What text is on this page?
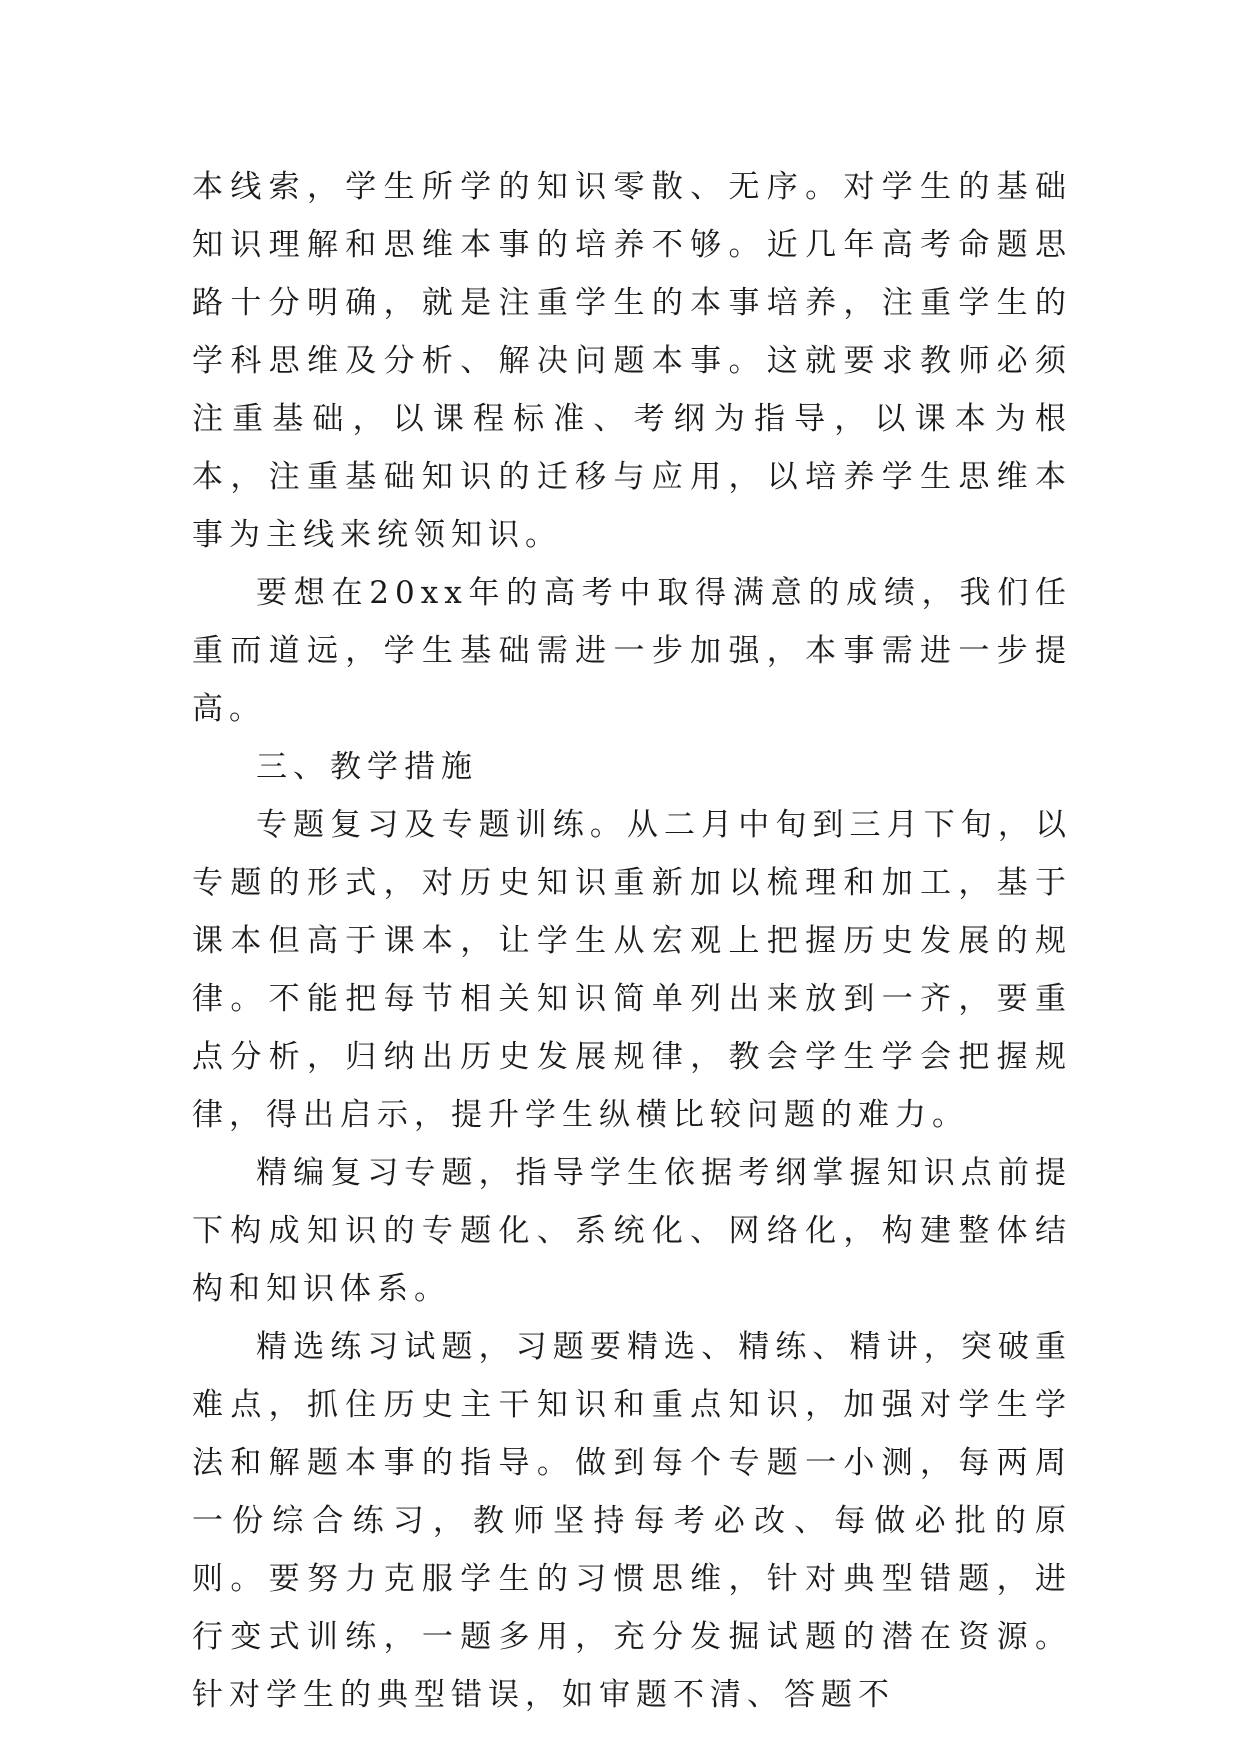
本线索，学生所学的知识零散、无序。对学生的基础知识理解和思维本事的培养不够。近几年高考命题思路十分明确，就是注重学生的本事培养，注重学生的学科思维及分析、解决问题本事。这就要求教师必须注重基础，以课程标准、考纲为指导，以课本为根本，注重基础知识的迁移与应用，以培养学生思维本事为主线来统领知识。

要想在20xx年的高考中取得满意的成绩，我们任重而道远，学生基础需进一步加强，本事需进一步提高。

三、教学措施

专题复习及专题训练。从二月中旬到三月下旬，以专题的形式，对历史知识重新加以梳理和加工，基于课本但高于课本，让学生从宏观上把握历史发展的规律。不能把每节相关知识简单列出来放到一齐，要重点分析，归纳出历史发展规律，教会学生学会把握规律，得出启示，提升学生纵横比较问题的难力。

精编复习专题，指导学生依据考纲掌握知识点前提下构成知识的专题化、系统化、网络化，构建整体结构和知识体系。

精选练习试题，习题要精选、精练、精讲，突破重难点，抓住历史主干知识和重点知识，加强对学生学法和解题本事的指导。做到每个专题一小测，每两周一份综合练习，教师坚持每考必改、每做必批的原则。要努力克服学生的习惯思维，针对典型错题，进行变式训练，一题多用，充分发掘试题的潜在资源。针对学生的典型错误，如审题不清、答题不
